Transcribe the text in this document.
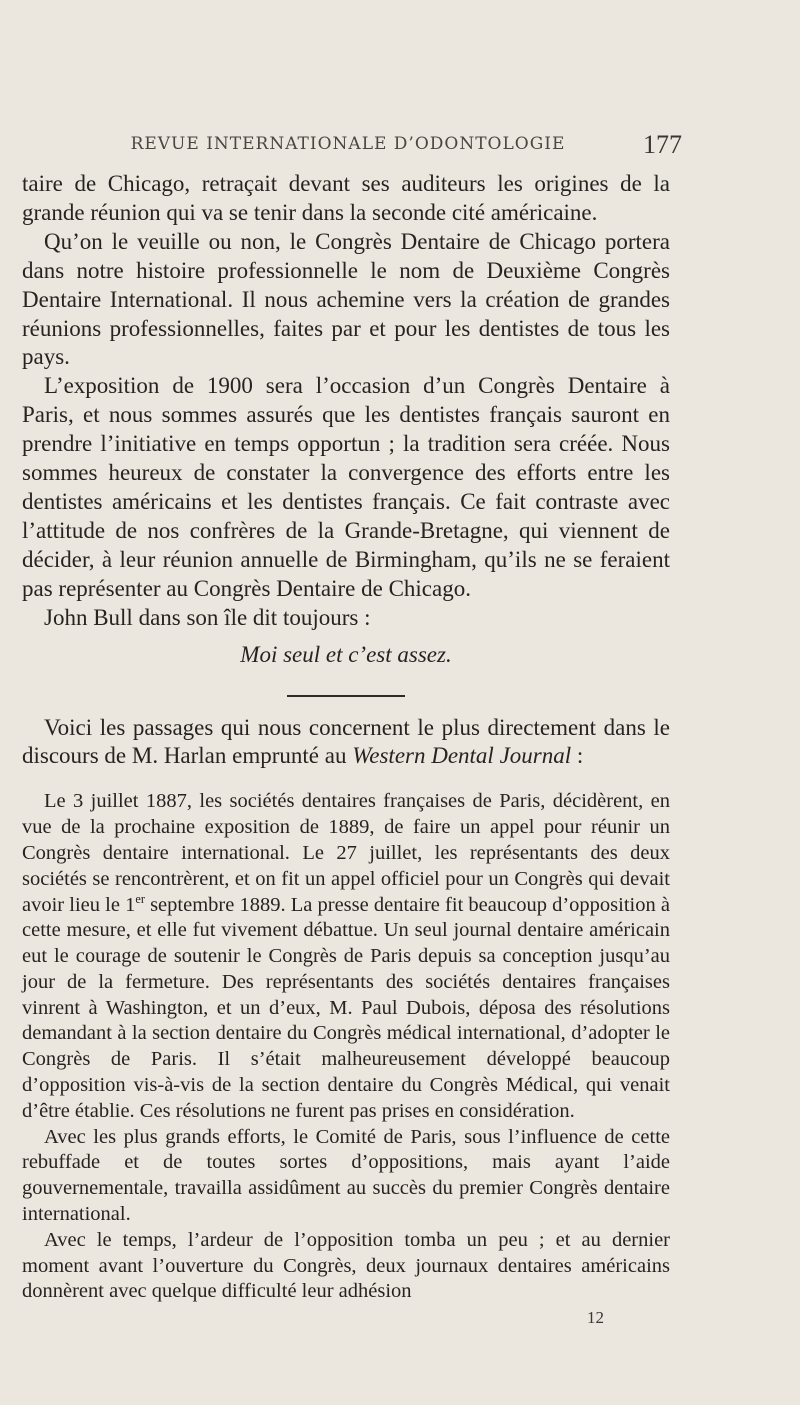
REVUE INTERNATIONALE D’ODONTOLOGIE	177

taire de Chicago, retraçait devant ses auditeurs les origines de la grande réunion qui va se tenir dans la seconde cité américaine.

Qu’on le veuille ou non, le Congrès Dentaire de Chicago portera dans notre histoire professionnelle le nom de Deuxième Congrès Dentaire International. Il nous achemine vers la création de grandes réunions professionnelles, faites par et pour les dentistes de tous les pays.

L’exposition de 1900 sera l’occasion d’un Congrès Dentaire à Paris, et nous sommes assurés que les dentistes français sauront en prendre l’initiative en temps opportun ; la tradition sera créée. Nous sommes heureux de constater la convergence des efforts entre les dentistes américains et les dentistes français. Ce fait contraste avec l’attitude de nos confrères de la Grande-Bretagne, qui viennent de décider, à leur réunion annuelle de Birmingham, qu’ils ne se feraient pas représenter au Congrès Dentaire de Chicago.

John Bull dans son île dit toujours :

Moi seul et c’est assez.

Voici les passages qui nous concernent le plus directement dans le discours de M. Harlan emprunté au Western Dental Journal :

Le 3 juillet 1887, les sociétés dentaires françaises de Paris, décidèrent, en vue de la prochaine exposition de 1889, de faire un appel pour réunir un Congrès dentaire international. Le 27 juillet, les représentants des deux sociétés se rencontrèrent, et on fit un appel officiel pour un Congrès qui devait avoir lieu le 1er septembre 1889. La presse dentaire fit beaucoup d’opposition à cette mesure, et elle fut vivement débattue. Un seul journal dentaire américain eut le courage de soutenir le Congrès de Paris depuis sa conception jusqu’au jour de la fermeture. Des représentants des sociétés dentaires françaises vinrent à Washington, et un d’eux, M. Paul Dubois, déposa des résolutions demandant à la section dentaire du Congrès médical international, d’adopter le Congrès de Paris. Il s’était malheureusement développé beaucoup d’opposition vis-à-vis de la section dentaire du Congrès Médical, qui venait d’être établie. Ces résolutions ne furent pas prises en considération.

Avec les plus grands efforts, le Comité de Paris, sous l’influence de cette rebuffade et de toutes sortes d’oppositions, mais ayant l’aide gouvernementale, travailla assidûment au succès du premier Congrès dentaire international.

Avec le temps, l’ardeur de l’opposition tomba un peu ; et au dernier moment avant l’ouverture du Congrès, deux journaux dentaires américains donnèrent avec quelque difficulté leur adhésion

12
